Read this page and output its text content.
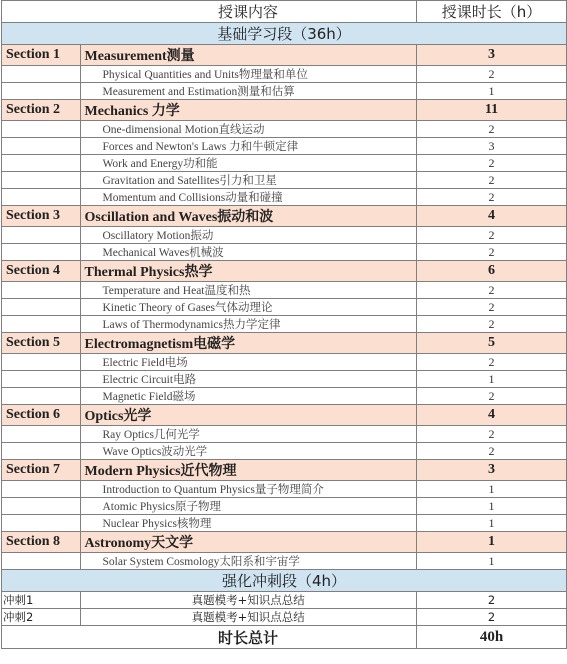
	授课内容	授课时长（h）
基础学习段（36h）		
Section 1	Measurement测量	3
	Physical Quantities and Units物理量和单位	2
	Measurement and Estimation测量和估算	1
Section 2	Mechanics 力学	11
	One-dimensional Motion直线运动	2
	Forces and Newton's Laws 力和牛顿定律	3
	Work and Energy功和能	2
	Gravitation and Satellites引力和卫星	2
	Momentum and Collisions动量和碰撞	2
Section 3	Oscillation and Waves振动和波	4
	Oscillatory Motion振动	2
	Mechanical Waves机械波	2
Section 4	Thermal Physics热学	6
	Temperature and Heat温度和热	2
	Kinetic Theory of Gases气体动理论	2
	Laws of Thermodynamics热力学定律	2
Section 5	Electromagnetism电磁学	5
	Electric Field电场	2
	Electric Circuit电路	1
	Magnetic Field磁场	2
Section 6	Optics光学	4
	Ray Optics几何光学	2
	Wave Optics波动光学	2
Section 7	Modern Physics近代物理	3
	Introduction to Quantum Physics量子物理简介	1
	Atomic Physics原子物理	1
	Nuclear Physics核物理	1
Section 8	Astronomy天文学	1
	Solar System Cosmology太阳系和宇宙学	1
强化冲刺段（4h）		
冲刺1	真题模考+知识点总结	2
冲刺2	真题模考+知识点总结	2
	时长总计	40h
